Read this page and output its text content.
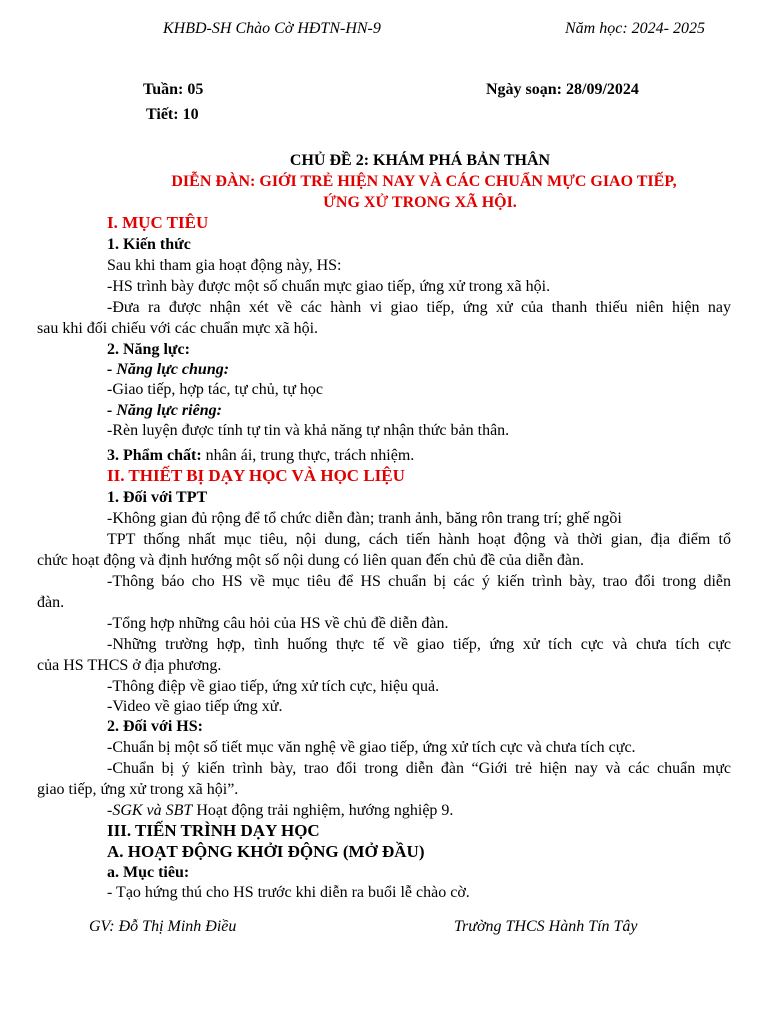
KHBD-SH Chào Cờ HĐTN-HN-9	Năm học: 2024- 2025
Tuần: 05	Ngày soạn: 28/09/2024
Tiết: 10
CHỦ ĐỀ 2: KHÁM PHÁ BẢN THÂN
DIỄN ĐÀN: GIỚI TRẺ HIỆN NAY VÀ CÁC CHUẨN MỰC GIAO TIẾP,
ỨNG XỬ TRONG XÃ HỘI.
I. MỤC TIÊU
1. Kiến thức
Sau khi tham gia hoạt động này, HS:
-HS trình bày được một số chuẩn mực giao tiếp, ứng xử trong xã hội.
-Đưa ra được nhận xét về các hành vi giao tiếp, ứng xử của thanh thiếu niên hiện nay
sau khi đối chiếu với các chuẩn mực xã hội.
2. Năng lực:
- Năng lực chung:
-Giao tiếp, hợp tác, tự chủ, tự học
- Năng lực riêng:
-Rèn luyện được tính tự tin và khả năng tự nhận thức bản thân.
3. Phẩm chất: nhân ái, trung thực, trách nhiệm.
II. THIẾT BỊ DẠY HỌC VÀ HỌC LIỆU
1. Đối với TPT
-Không gian đủ rộng để tổ chức diễn đàn; tranh ảnh, băng rôn trang trí; ghế ngồi
TPT thống nhất mục tiêu, nội dung, cách tiến hành hoạt động và thời gian, địa điểm tổ
chức hoạt động và định hướng một số nội dung có liên quan đến chủ đề của diễn đàn.
-Thông báo cho HS về mục tiêu để HS chuẩn bị các ý kiến trình bày, trao đổi trong diễn
đàn.
-Tổng hợp những câu hỏi của HS về chủ đề diễn đàn.
-Những trường hợp, tình huống thực tế về giao tiếp, ứng xử tích cực và chưa tích cực
của HS THCS ở địa phương.
-Thông điệp về giao tiếp, ứng xử tích cực, hiệu quả.
-Video về giao tiếp ứng xử.
2. Đối với HS:
-Chuẩn bị một số tiết mục văn nghệ về giao tiếp, ứng xử tích cực và chưa tích cực.
-Chuẩn bị ý kiến trình bày, trao đổi trong diễn đàn “Giới trẻ hiện nay và các chuẩn mực
giao tiếp, ứng xử trong xã hội”.
-SGK và SBT Hoạt động trải nghiệm, hướng nghiệp 9.
III. TIẾN TRÌNH DẠY HỌC
A. HOẠT ĐỘNG KHỞI ĐỘNG (MỞ ĐẦU)
a. Mục tiêu:
- Tạo hứng thú cho HS trước khi diễn ra buổi lễ chào cờ.
GV: Đỗ Thị Minh Điều	Trường THCS Hành Tín Tây
